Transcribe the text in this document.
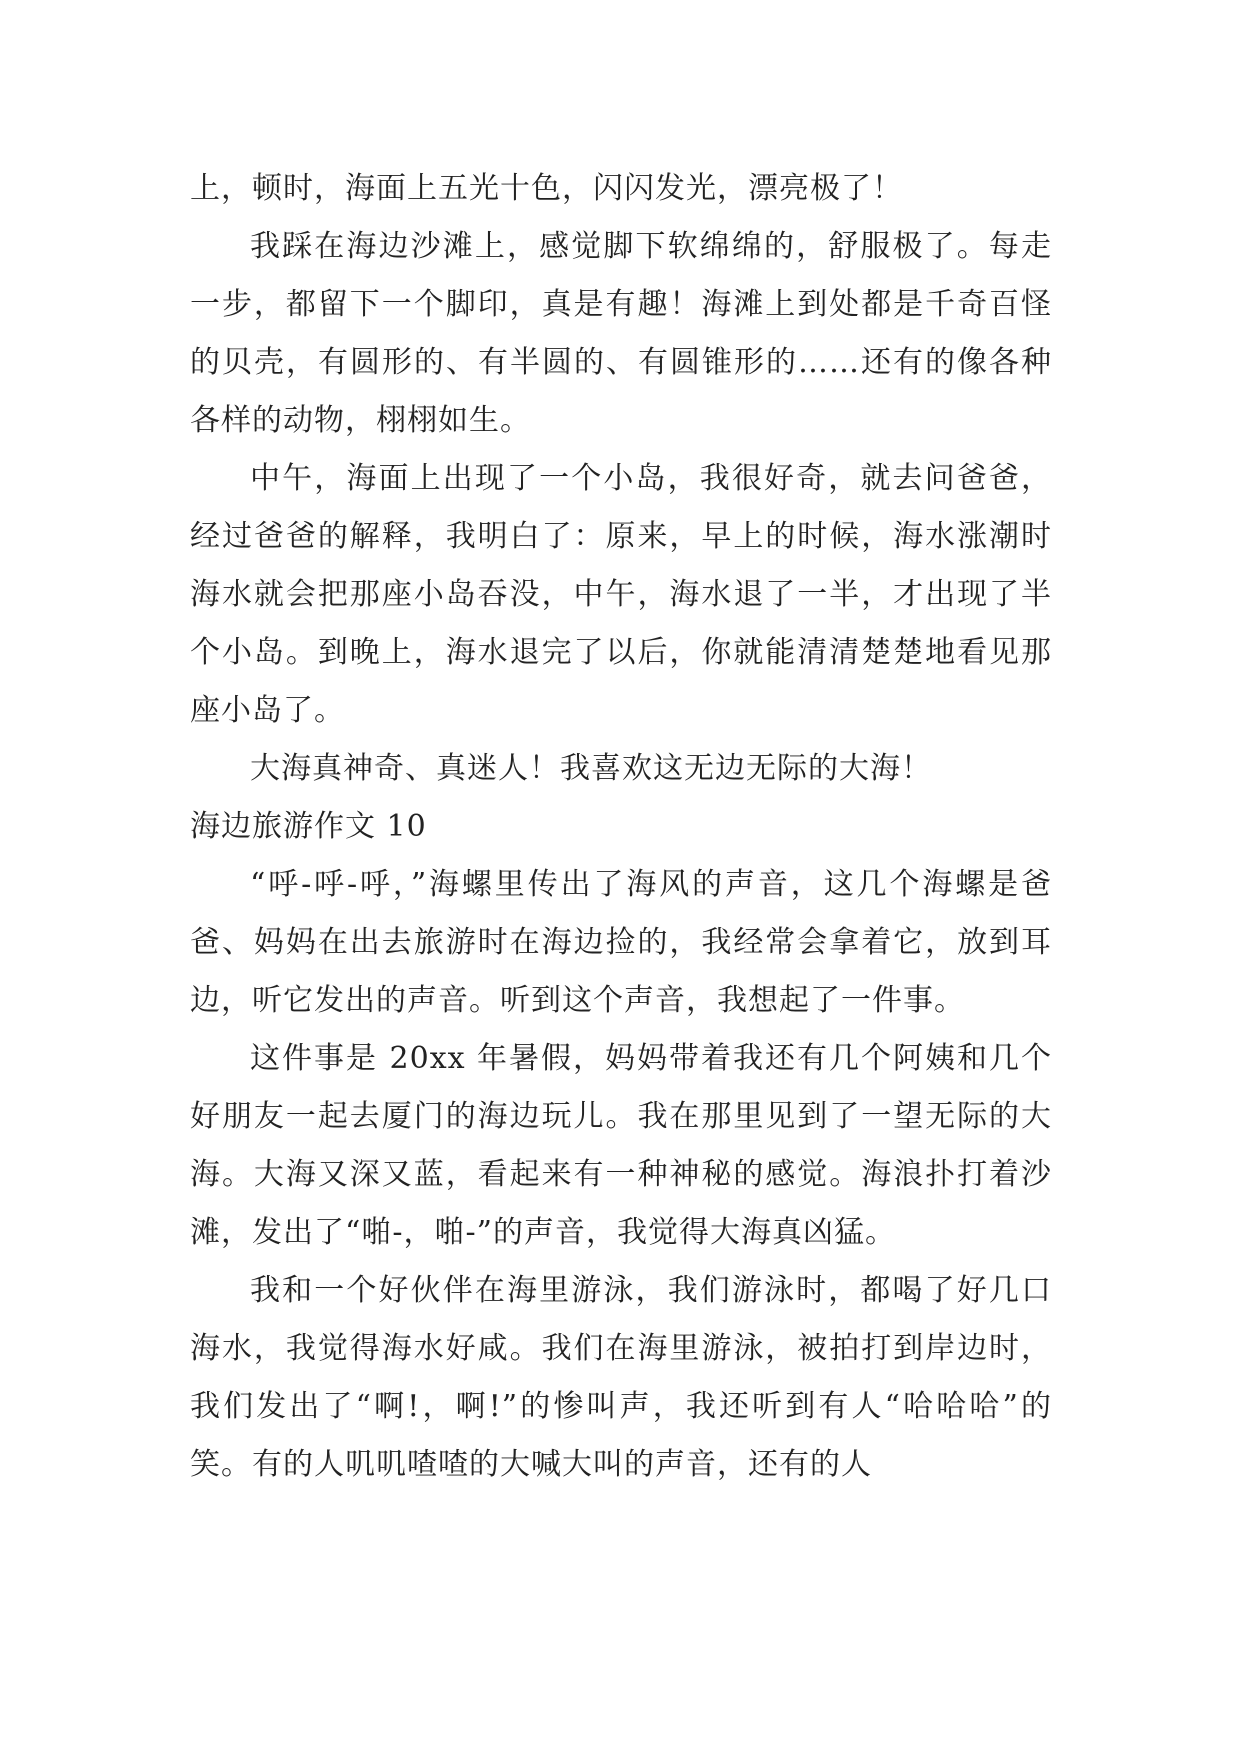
上，顿时，海面上五光十色，闪闪发光，漂亮极了！

我踩在海边沙滩上，感觉脚下软绵绵的，舒服极了。每走一步，都留下一个脚印，真是有趣！海滩上到处都是千奇百怪的贝壳，有圆形的、有半圆的、有圆锥形的……还有的像各种各样的动物，栩栩如生。

中午，海面上出现了一个小岛，我很好奇，就去问爸爸，经过爸爸的解释，我明白了：原来，早上的时候，海水涨潮时海水就会把那座小岛吞没，中午，海水退了一半，才出现了半个小岛。到晚上，海水退完了以后，你就能清清楚楚地看见那座小岛了。

大海真神奇、真迷人！我喜欢这无边无际的大海！

海边旅游作文 10

“呼-呼-呼，”海螺里传出了海风的声音，这几个海螺是爸爸、妈妈在出去旅游时在海边捡的，我经常会拿着它，放到耳边，听它发出的声音。听到这个声音，我想起了一件事。

这件事是 20xx 年暑假，妈妈带着我还有几个阿姨和几个好朋友一起去厦门的海边玩儿。我在那里见到了一望无际的大海。大海又深又蓝，看起来有一种神秘的感觉。海浪扑打着沙滩，发出了“啪-，啪-”的声音，我觉得大海真凶猛。

我和一个好伙伴在海里游泳，我们游泳时，都喝了好几口海水，我觉得海水好咸。我们在海里游泳，被拍打到岸边时，我们发出了“啊!，啊!”的惨叫声，我还听到有人“哈哈哈”的笑。有的人叽叽喳喳的大喊大叫的声音，还有的人
